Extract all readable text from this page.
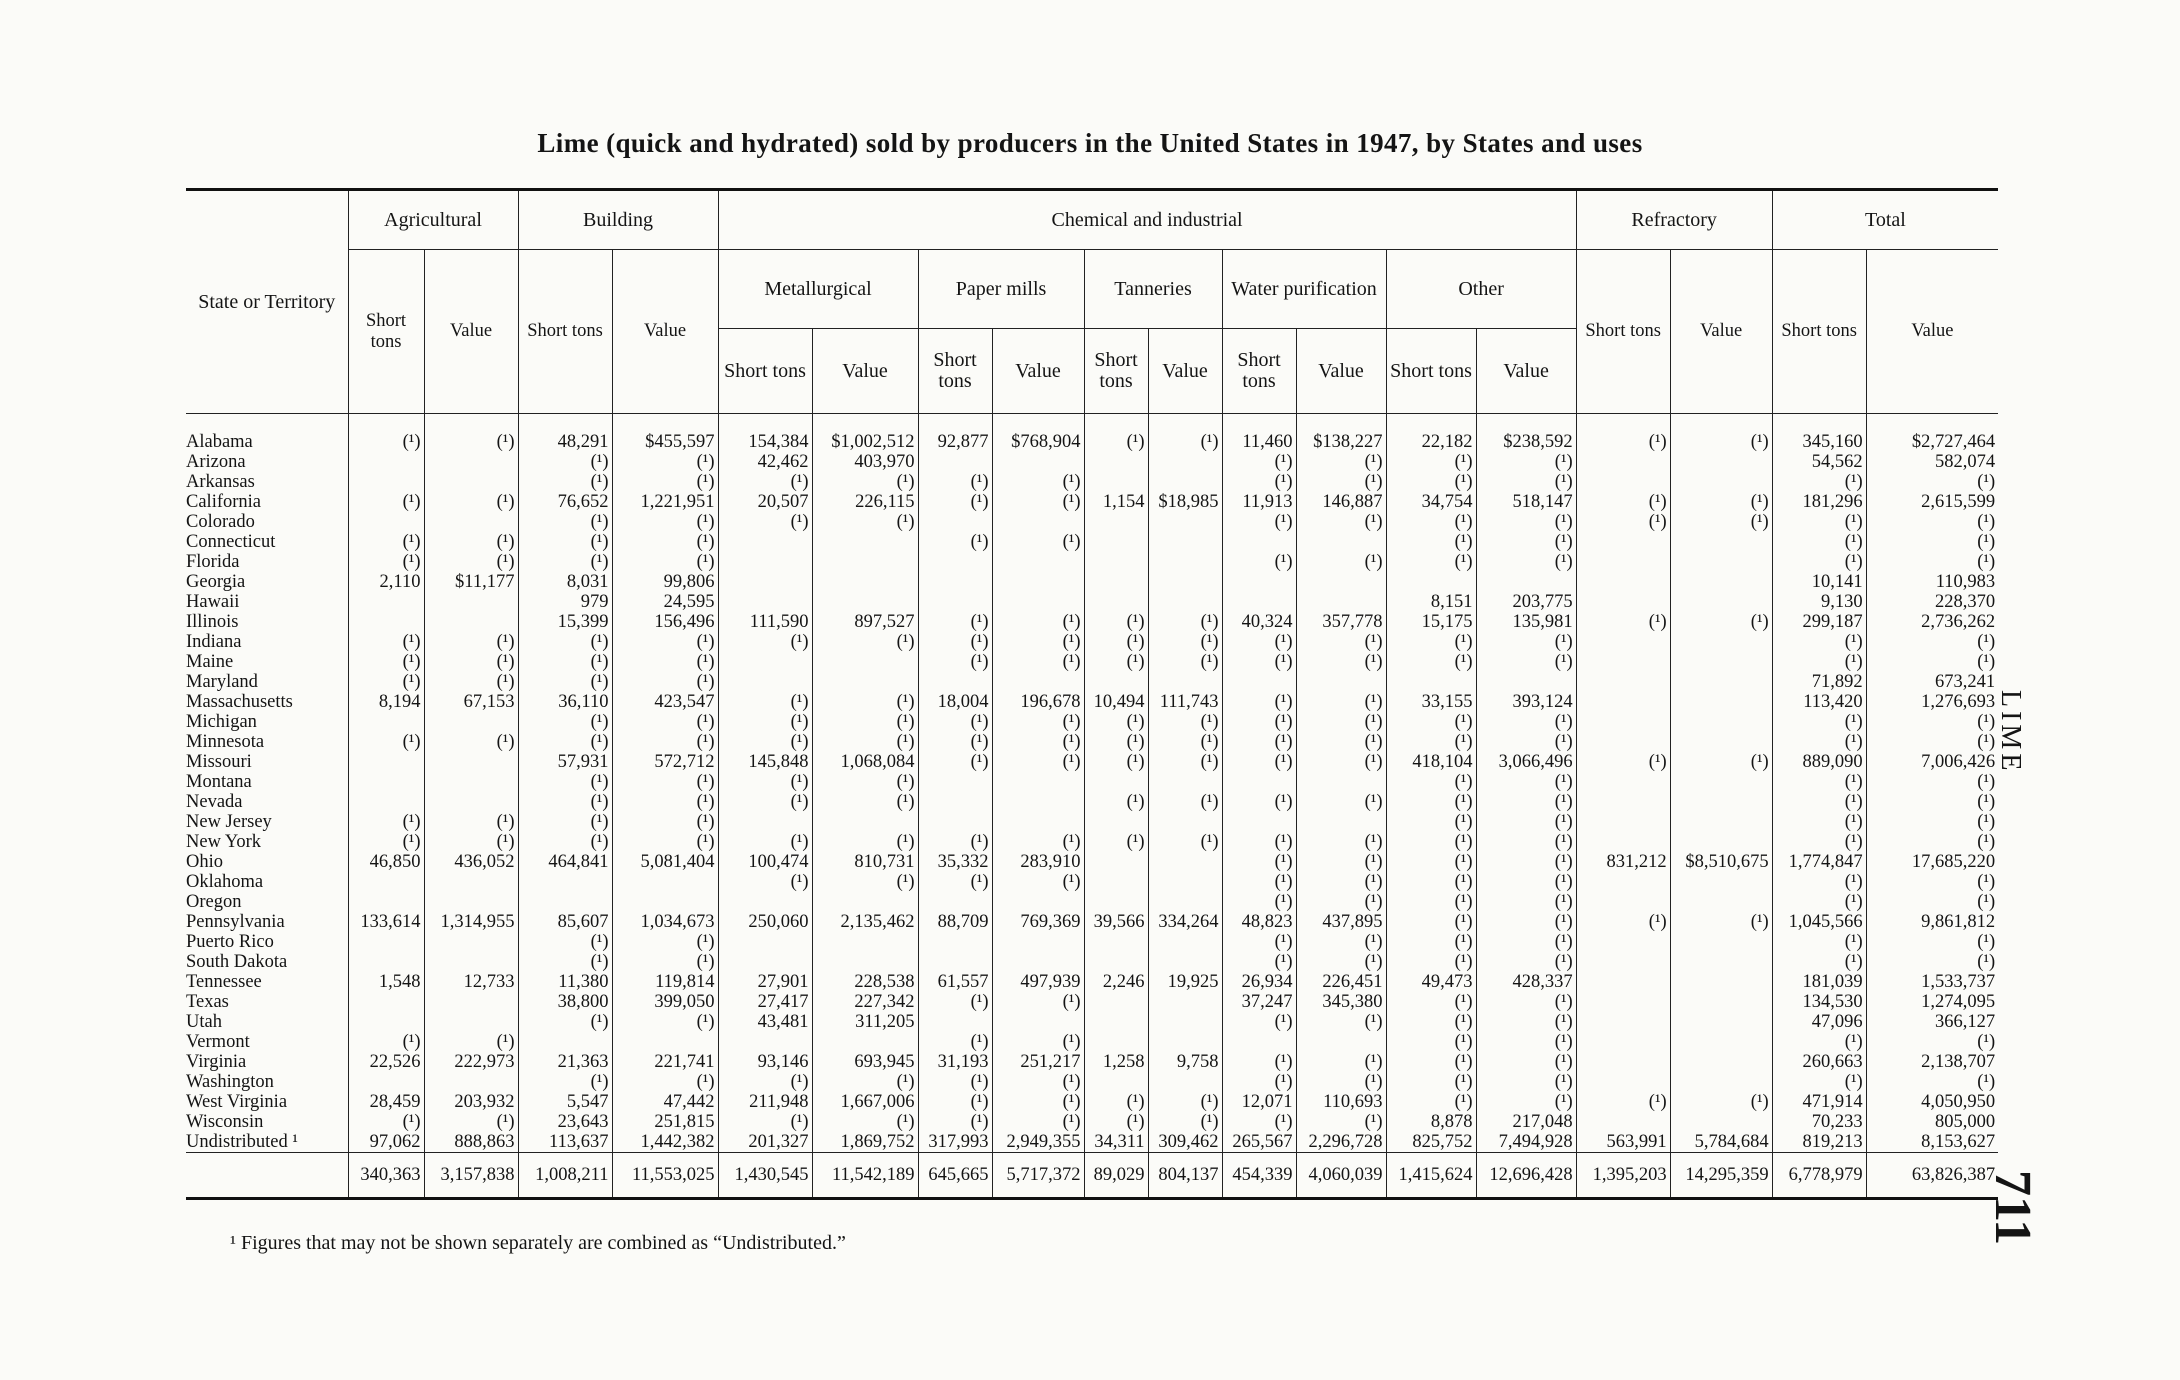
Lime (quick and hydrated) sold by producers in the United States in 1947, by States and uses
State or Territory	Agricultural		Building		Chemical and industrial										Refractory		Total	
	Short tons	Value	Short tons	Value	Metallurgical		Paper mills		Tanneries		Water purification		Other		Short tons	Value	Short tons	Value
					Short tons	Value	Short tons	Value	Short tons	Value	Short tons	Value	Short tons	Value				
Alabama	(¹)	(¹)	48,291	$455,597	154,384	$1,002,512	92,877	$768,904	(¹)	(¹)	11,460	$138,227	22,182	$238,592	(¹)	(¹)	345,160	$2,727,464
Arizona			(¹)	(¹)	42,462	403,970					(¹)	(¹)	(¹)	(¹)			54,562	582,074
Arkansas			(¹)	(¹)	(¹)	(¹)	(¹)	(¹)			(¹)	(¹)	(¹)	(¹)			(¹)	(¹)
California	(¹)	(¹)	76,652	1,221,951	20,507	226,115	(¹)	(¹)	1,154	$18,985	11,913	146,887	34,754	518,147	(¹)	(¹)	181,296	2,615,599
Colorado			(¹)	(¹)	(¹)	(¹)					(¹)	(¹)	(¹)	(¹)	(¹)	(¹)	(¹)	(¹)
Connecticut	(¹)	(¹)	(¹)	(¹)			(¹)	(¹)					(¹)	(¹)			(¹)	(¹)
Florida	(¹)	(¹)	(¹)	(¹)							(¹)	(¹)	(¹)	(¹)			(¹)	(¹)
Georgia	2,110	$11,177	8,031	99,806													10,141	110,983
Hawaii			979	24,595									8,151	203,775			9,130	228,370
Illinois			15,399	156,496	111,590	897,527	(¹)	(¹)	(¹)	(¹)	40,324	357,778	15,175	135,981	(¹)	(¹)	299,187	2,736,262
Indiana	(¹)	(¹)	(¹)	(¹)	(¹)	(¹)	(¹)	(¹)	(¹)	(¹)	(¹)	(¹)	(¹)	(¹)			(¹)	(¹)
Maine	(¹)	(¹)	(¹)	(¹)			(¹)	(¹)	(¹)	(¹)	(¹)	(¹)	(¹)	(¹)			(¹)	(¹)
Maryland	(¹)	(¹)	(¹)	(¹)													71,892	673,241
Massachusetts	8,194	67,153	36,110	423,547	(¹)	(¹)	18,004	196,678	10,494	111,743	(¹)	(¹)	33,155	393,124			113,420	1,276,693
Michigan			(¹)	(¹)	(¹)	(¹)	(¹)	(¹)	(¹)	(¹)	(¹)	(¹)	(¹)	(¹)			(¹)	(¹)
Minnesota	(¹)	(¹)	(¹)	(¹)	(¹)	(¹)	(¹)	(¹)	(¹)	(¹)	(¹)	(¹)	(¹)	(¹)			(¹)	(¹)
Missouri			57,931	572,712	145,848	1,068,084	(¹)	(¹)	(¹)	(¹)	(¹)	(¹)	418,104	3,066,496	(¹)	(¹)	889,090	7,006,426
Montana			(¹)	(¹)	(¹)	(¹)							(¹)	(¹)			(¹)	(¹)
Nevada			(¹)	(¹)	(¹)	(¹)			(¹)	(¹)	(¹)	(¹)	(¹)	(¹)			(¹)	(¹)
New Jersey	(¹)	(¹)	(¹)	(¹)									(¹)	(¹)			(¹)	(¹)
New York	(¹)	(¹)	(¹)	(¹)	(¹)	(¹)	(¹)	(¹)	(¹)	(¹)	(¹)	(¹)	(¹)	(¹)			(¹)	(¹)
Ohio	46,850	436,052	464,841	5,081,404	100,474	810,731	35,332	283,910			(¹)	(¹)	(¹)	(¹)	831,212	$8,510,675	1,774,847	17,685,220
Oklahoma					(¹)	(¹)	(¹)	(¹)			(¹)	(¹)	(¹)	(¹)			(¹)	(¹)
Oregon											(¹)	(¹)	(¹)	(¹)			(¹)	(¹)
Pennsylvania	133,614	1,314,955	85,607	1,034,673	250,060	2,135,462	88,709	769,369	39,566	334,264	48,823	437,895	(¹)	(¹)	(¹)	(¹)	1,045,566	9,861,812
Puerto Rico			(¹)	(¹)							(¹)	(¹)	(¹)	(¹)			(¹)	(¹)
South Dakota			(¹)	(¹)							(¹)	(¹)	(¹)	(¹)			(¹)	(¹)
Tennessee	1,548	12,733	11,380	119,814	27,901	228,538	61,557	497,939	2,246	19,925	26,934	226,451	49,473	428,337			181,039	1,533,737
Texas			38,800	399,050	27,417	227,342	(¹)	(¹)			37,247	345,380	(¹)	(¹)			134,530	1,274,095
Utah			(¹)	(¹)	43,481	311,205					(¹)	(¹)	(¹)	(¹)			47,096	366,127
Vermont	(¹)	(¹)					(¹)	(¹)					(¹)	(¹)			(¹)	(¹)
Virginia	22,526	222,973	21,363	221,741	93,146	693,945	31,193	251,217	1,258	9,758	(¹)	(¹)	(¹)	(¹)			260,663	2,138,707
Washington			(¹)	(¹)	(¹)	(¹)	(¹)	(¹)			(¹)	(¹)	(¹)	(¹)			(¹)	(¹)
West Virginia	28,459	203,932	5,547	47,442	211,948	1,667,006	(¹)	(¹)	(¹)	(¹)	12,071	110,693	(¹)	(¹)	(¹)	(¹)	471,914	4,050,950
Wisconsin	(¹)	(¹)	23,643	251,815	(¹)	(¹)	(¹)	(¹)	(¹)	(¹)	(¹)	(¹)	8,878	217,048			70,233	805,000
Undistributed ¹	97,062	888,863	113,637	1,442,382	201,327	1,869,752	317,993	2,949,355	34,311	309,462	265,567	2,296,728	825,752	7,494,928	563,991	5,784,684	819,213	8,153,627
	340,363	3,157,838	1,008,211	11,553,025	1,430,545	11,542,189	645,665	5,717,372	89,029	804,137	454,339	4,060,039	1,415,624	12,696,428	1,395,203	14,295,359	6,778,979	63,826,387
¹ Figures that may not be shown separately are combined as “Undistributed.”
LIME
711
